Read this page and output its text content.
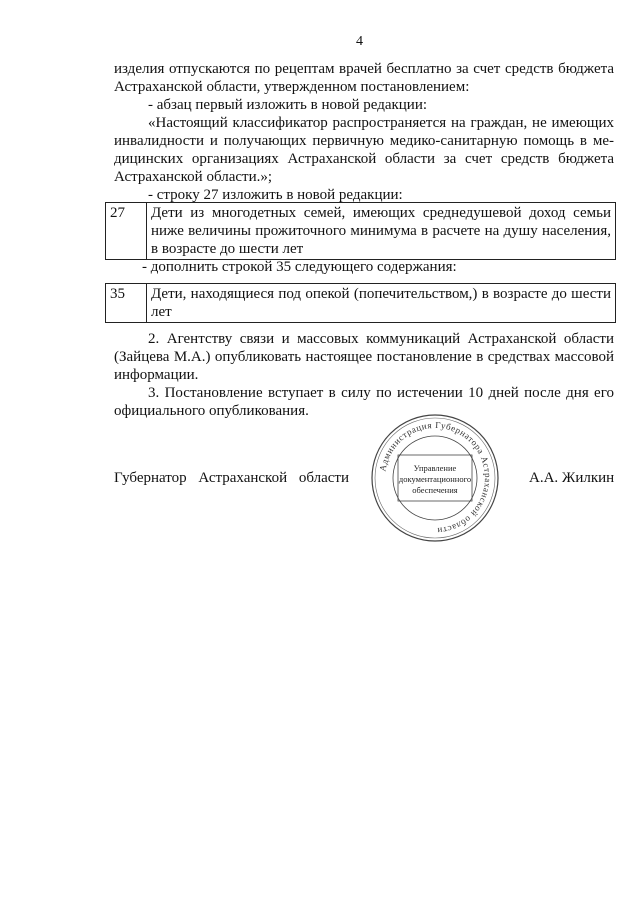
4
изделия отпускаются по рецептам врачей бесплатно за счет средств бюджета
Астраханской области, утвержденном постановлением:
- абзац первый изложить в новой редакции:
«Настоящий классификатор распространяется на граждан, не имеющих
инвалидности и получающих первичную медико-санитарную помощь в ме-
дицинских организациях Астраханской области за счет средств бюджета
Астраханской области.»;
- строку 27 изложить в новой редакции:
27	Дети из многодетных семей, имеющих среднедушевой доход семьи
ниже величины прожиточного минимума в расчете на душу населения,
в возрасте до шести лет
- дополнить строкой 35 следующего содержания:
35	Дети, находящиеся под опекой (попечительством,) в возрасте до шести
лет
2. Агентству связи и массовых коммуникаций Астраханской области
(Зайцева М.А.) опубликовать настоящее постановление в средствах массовой
информации.
3. Постановление вступает в силу по истечении 10 дней после дня его
официального опубликования.
Губернатор Астраханской области	А.А. Жилкин
Администрация Губернатора Астраханской области
Управление
документационного
обеспечения
